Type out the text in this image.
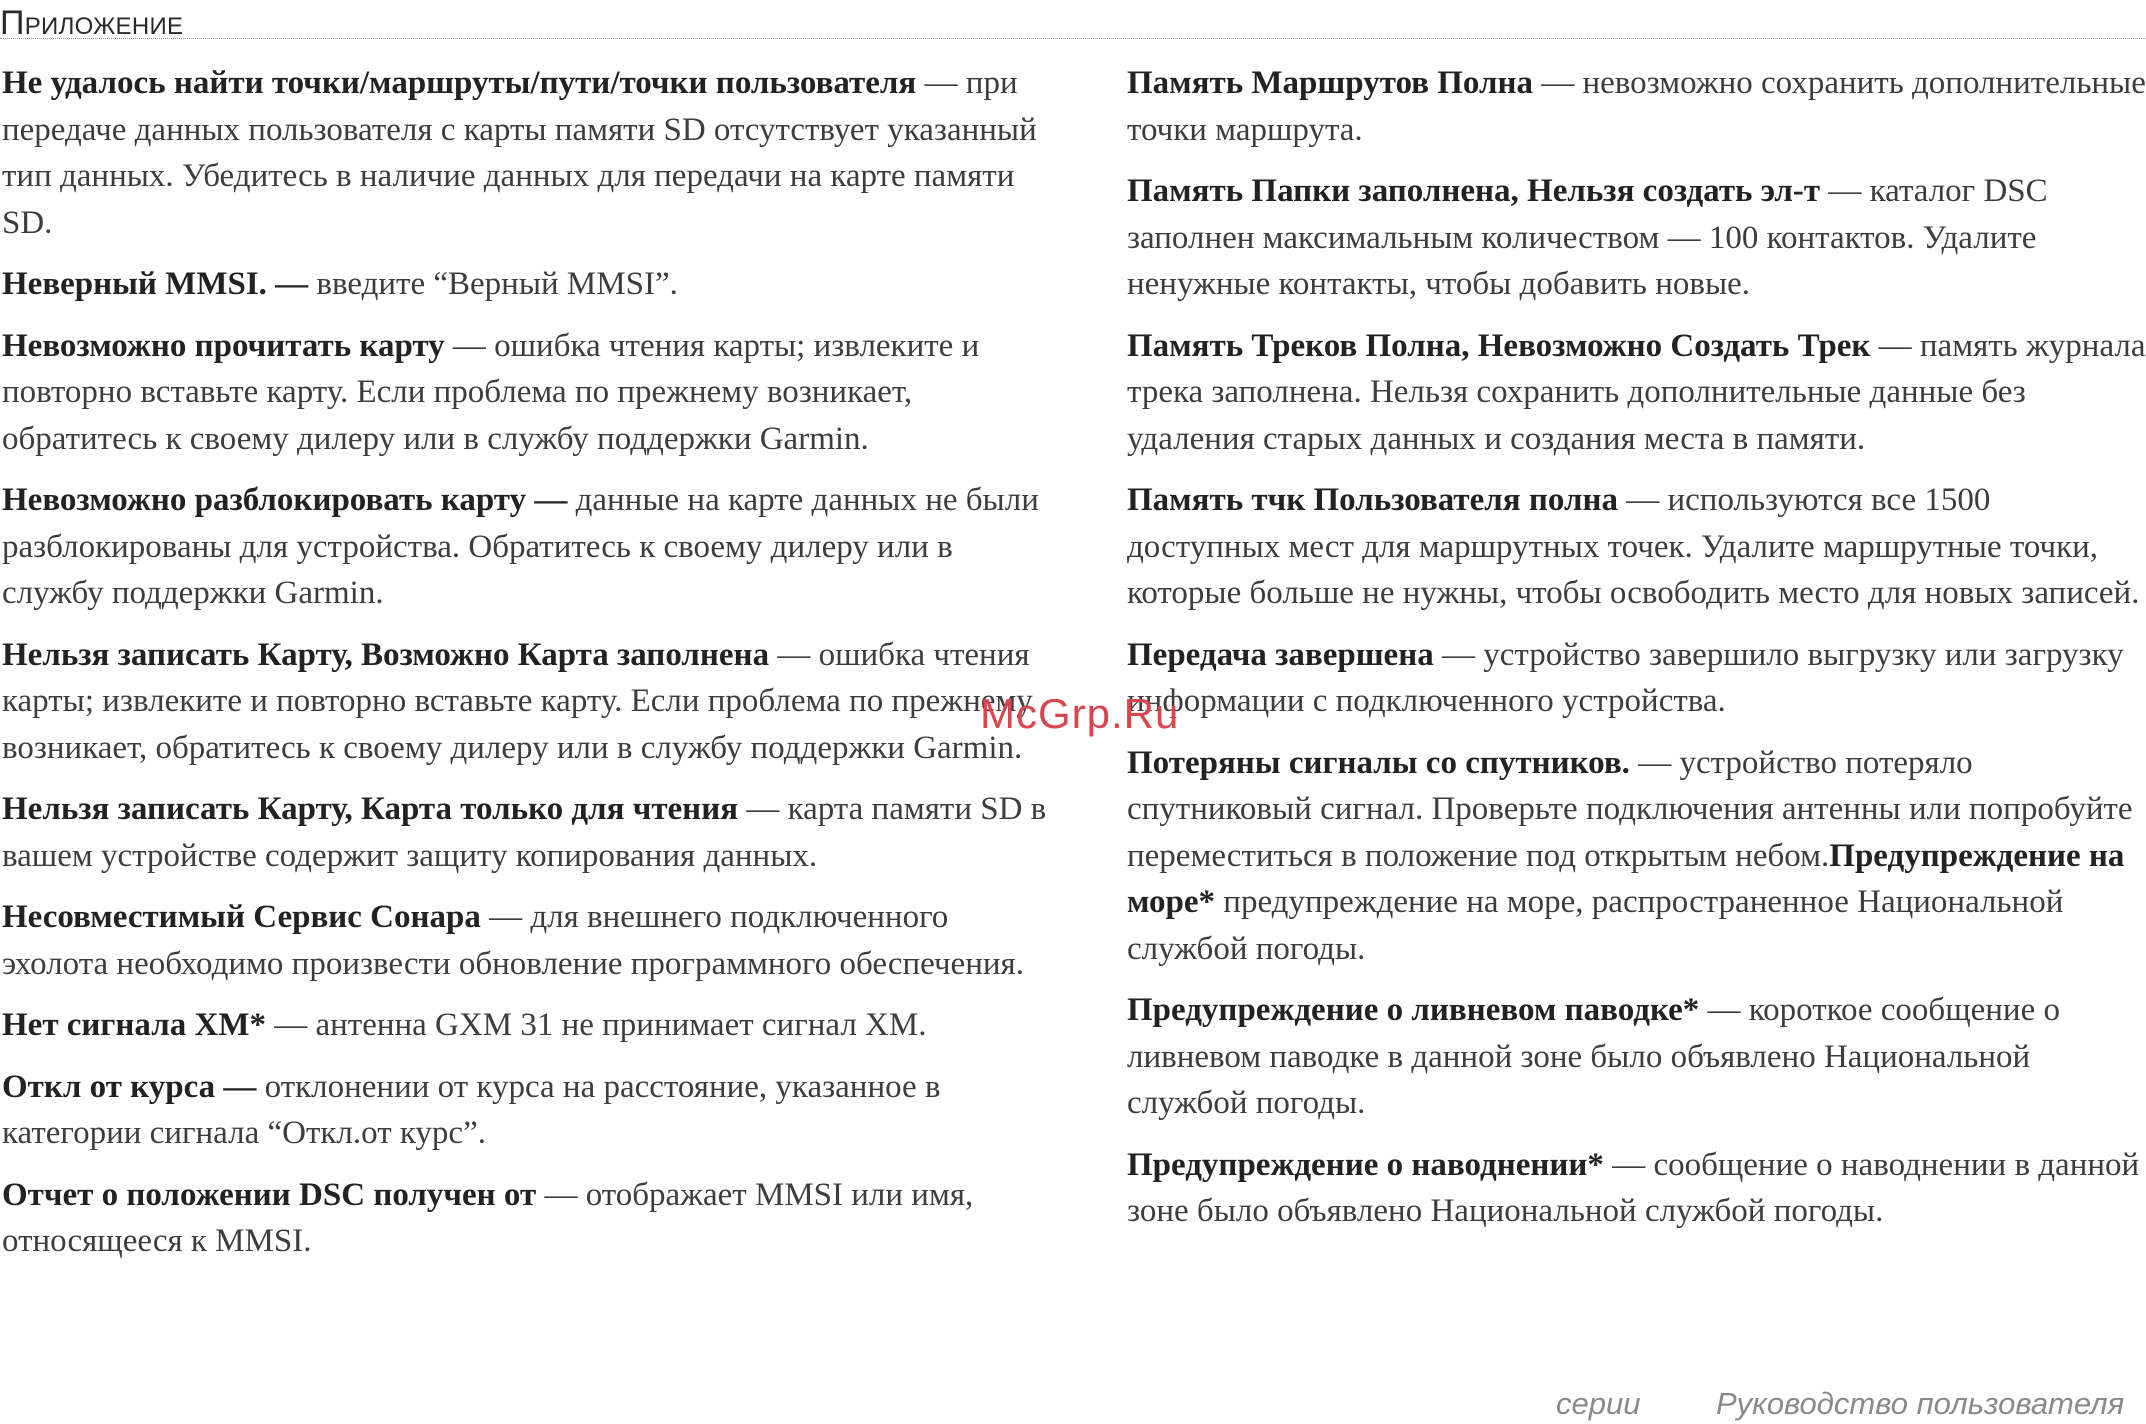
Приложение

Не удалось найти точки/маршруты/пути/точки пользователя — при передаче данных пользователя с карты памяти SD отсутствует указанный тип данных. Убедитесь в наличие данных для передачи на карте памяти SD.

Неверный MMSI. — введите “Верный MMSI”.

Невозможно прочитать карту — ошибка чтения карты; извлеките и повторно вставьте карту. Если проблема по прежнему возникает, обратитесь к своему дилеру или в службу поддержки Garmin.

Невозможно разблокировать карту — данные на карте данных не были разблокированы для устройства. Обратитесь к своему дилеру или в службу поддержки Garmin.

Нельзя записать Карту, Возможно Карта заполнена — ошибка чтения карты; извлеките и повторно вставьте карту. Если проблема по прежнему возникает, обратитесь к своему дилеру или в службу поддержки Garmin.

Нельзя записать Карту, Карта только для чтения — карта памяти SD в вашем устройстве содержит защиту копирования данных.

Несовместимый Сервис Сонара — для внешнего подключенного эхолота необходимо произвести обновление программного обеспечения.

Нет сигнала XM* — антенна GXM 31 не принимает сигнал XM.

Откл от курса — отклонении от курса на расстояние, указанное в категории сигнала “Откл.от курс”.

Отчет о положении DSC получен от — отображает MMSI или имя, относящееся к MMSI.

Память Маршрутов Полна — невозможно сохранить дополнительные точки маршрута.

Память Папки заполнена, Нельзя создать эл-т — каталог DSC заполнен максимальным количеством — 100 контактов. Удалите ненужные контакты, чтобы добавить новые.

Память Треков Полна, Невозможно Создать Трек — память журнала трека заполнена. Нельзя сохранить дополнительные данные без удаления старых данных и создания места в памяти.

Память тчк Пользователя полна — используются все 1500 доступных мест для маршрутных точек. Удалите маршрутные точки, которые больше не нужны, чтобы освободить место для новых записей.

Передача завершена — устройство завершило выгрузку или загрузку информации с подключенного устройства.

Потеряны сигналы со спутников. — устройство потеряло спутниковый сигнал. Проверьте подключения антенны или попробуйте переместиться в положение под открытым небом.Предупреждение на море* предупреждение на море, распространенное Национальной службой погоды.

Предупреждение о ливневом паводке* — короткое сообщение о ливневом паводке в данной зоне было объявлено Национальной службой погоды.

Предупреждение о наводнении* — сообщение о наводнении в данной зоне было объявлено Национальной службой погоды.

McGrp.Ru
серии Руководство пользователя
